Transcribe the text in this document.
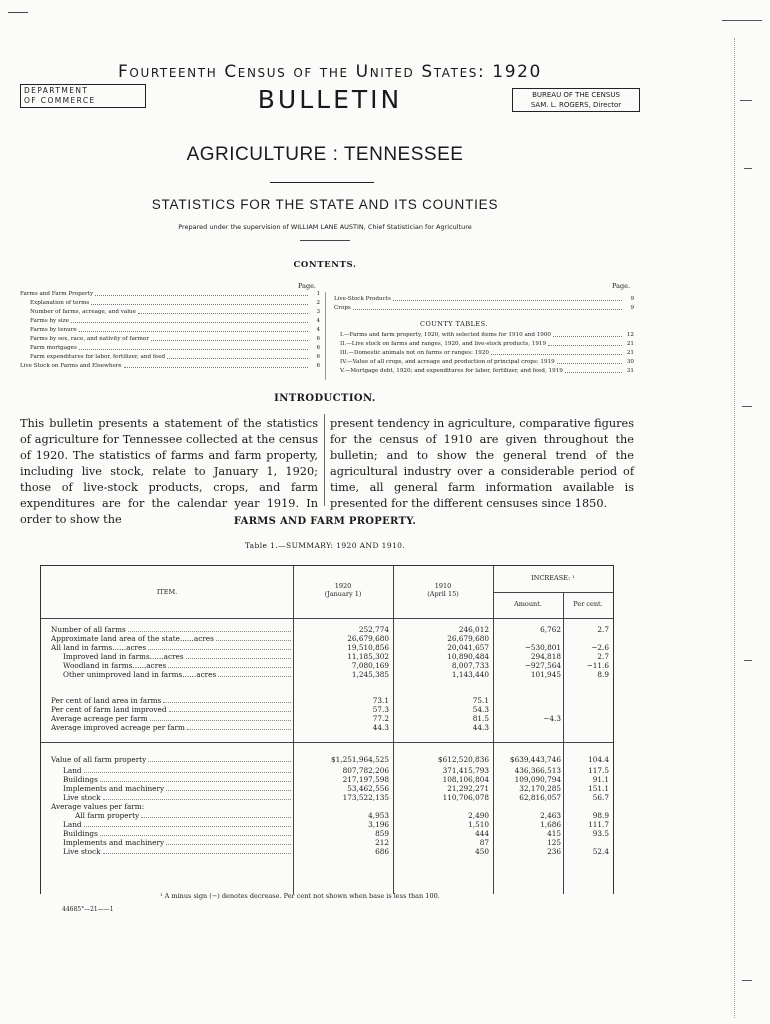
Fourteenth Census of the United States: 1920
DEPARTMENT
OF COMMERCE	BULLETIN	BUREAU OF THE CENSUS
SAM. L. ROGERS, Director
AGRICULTURE : TENNESSEE
STATISTICS FOR THE STATE AND ITS COUNTIES
Prepared under the supervision of WILLIAM LANE AUSTIN, Chief Statistician for Agriculture
CONTENTS.
Page.	Page.
Farms and Farm Property	1
Explanation of terms	2
Number of farms, acreage, and value	3
Farms by size	4
Farms by tenure	4
Farms by sex, race, and nativity of farmer	6
Farm mortgages	6
Farm expenditures for labor, fertilizer, and feed	6
Live Stock on Farms and Elsewhere	6
Live-Stock Products	9
Crops	9
COUNTY TABLES.
I.—Farms and farm property, 1920, with selected items for 1910 and 1900	12
II.—Live stock on farms and ranges, 1920, and live-stock products, 1919	21
III.—Domestic animals not on farms or ranges: 1920	21
IV.—Value of all crops, and acreage and production of principal crops: 1919	30
V.—Mortgage debt, 1920; and expenditures for labor, fertilizer, and feed, 1919	31
INTRODUCTION.
This bulletin presents a statement of the statistics of agriculture for Tennessee collected at the census of 1920. The statistics of farms and farm property, including live stock, relate to January 1, 1920; those of live-stock products, crops, and farm expenditures are for the calendar year 1919. In order to show the
present tendency in agriculture, comparative figures for the census of 1910 are given throughout the bulletin; and to show the general trend of the agricultural industry over a considerable period of time, all general farm information available is presented for the different censuses since 1850.
FARMS AND FARM PROPERTY.
Table 1.—SUMMARY: 1920 AND 1910.
ITEM.
1920
(January 1)
1910
(April 15)
INCREASE: ¹
Amount.	Per cent.
Number of all farms	252,774	246,012	6,762	2.7
Approximate land area of the state......acres	26,679,680	26,679,680
All land in farms......acres	19,510,856	20,041,657	−530,801	−2.6
Improved land in farms......acres	11,185,302	10,890,484	294,818	2.7
Woodland in farms......acres	7,080,169	8,007,733	−927,564	−11.6
Other unimproved land in farms......acres	1,245,385	1,143,440	101,945	8.9
Per cent of land area in farms	73.1	75.1
Per cent of farm land improved	57.3	54.3
Average acreage per farm	77.2	81.5	−4.3
Average improved acreage per farm	44.3	44.3
Value of all farm property	$1,251,964,525	$612,520,836	$639,443,746	104.4
Land	807,782,206	371,415,793	436,366,513	117.5
Buildings	217,197,598	108,106,804	109,090,794	91.1
Implements and machinery	53,462,556	21,292,271	32,170,285	151.1
Live stock	173,522,135	110,706,078	62,816,057	56.7
Average values per farm:
All farm property	4,953	2,490	2,463	98.9
Land	3,196	1,510	1,686	111.7
Buildings	859	444	415	93.5
Implements and machinery	212	87	125
Live stock	686	450	236	52.4
¹ A minus sign (−) denotes decrease. Per cent not shown when base is less than 100.
44685°—21——1
